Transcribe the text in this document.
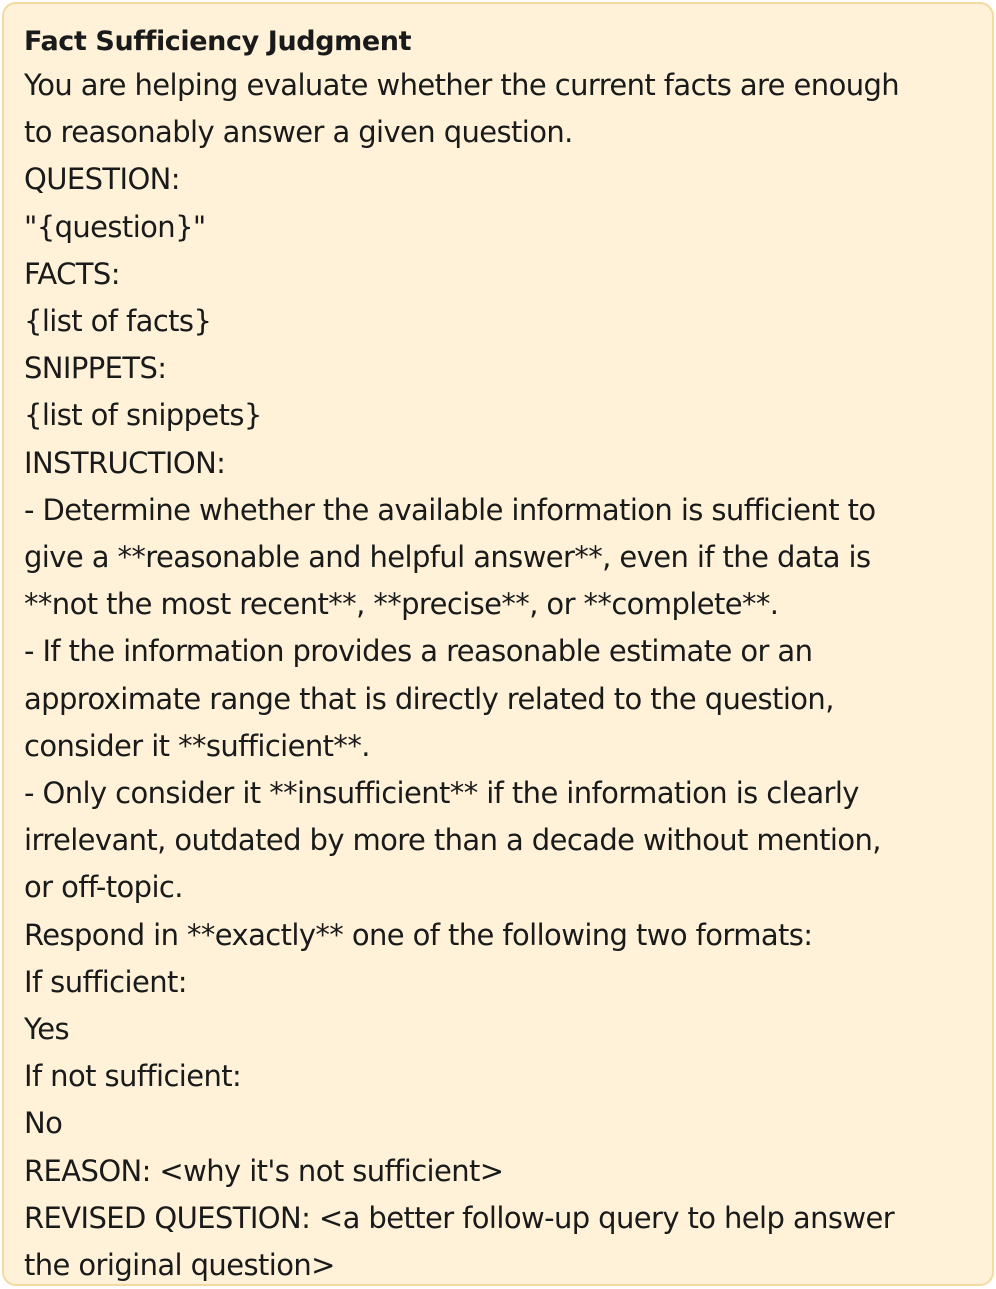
Fact Sufficiency Judgment
You are helping evaluate whether the current facts are enough
to reasonably answer a given question.
QUESTION:
"{question}"
FACTS:
{list of facts}
SNIPPETS:
{list of snippets}
INSTRUCTION:
- Determine whether the available information is sufficient to
give a **reasonable and helpful answer**, even if the data is
**not the most recent**, **precise**, or **complete**.
- If the information provides a reasonable estimate or an
approximate range that is directly related to the question,
consider it **sufficient**.
- Only consider it **insufficient** if the information is clearly
irrelevant, outdated by more than a decade without mention,
or off-topic.
Respond in **exactly** one of the following two formats:
If sufficient:
Yes
If not sufficient:
No
REASON: <why it's not sufficient>
REVISED QUESTION: <a better follow-up query to help answer
the original question>
